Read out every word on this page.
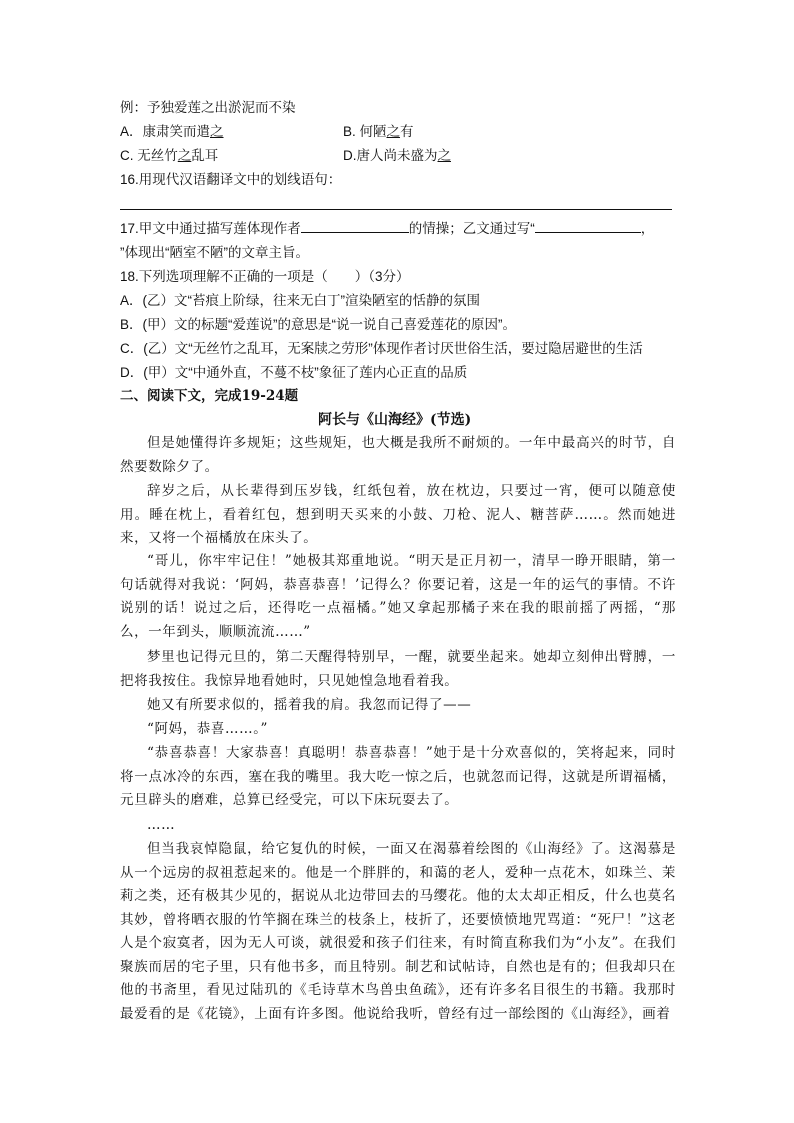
例：予独爱莲之出淤泥而不染
A．康肃笑而遣之	B. 何陋之有
C. 无丝竹之乱耳	D.唐人尚未盛为之
16.用现代汉语翻译文中的划线语句：
17.甲文中通过描写莲体现作者	的情操；乙文通过写“	，
”体现出“陋室不陋”的文章主旨。
18.下列选项理解不正确的一项是（　　）（3分）
A．(乙）文“苔痕上阶绿，往来无白丁”渲染陋室的恬静的氛围
B．(甲）文的标题“爱莲说”的意思是“说一说自己喜爱莲花的原因”。
C．(乙）文“无丝竹之乱耳，无案牍之劳形”体现作者讨厌世俗生活，要过隐居避世的生活
D．(甲）文“中通外直，不蔓不枝”象征了莲内心正直的品质
二、阅读下文，完成19-24题
阿长与《山海经》(节选)
但是她懂得许多规矩；这些规矩，也大概是我所不耐烦的。一年中最高兴的时节，自然要数除夕了。
辞岁之后，从长辈得到压岁钱，红纸包着，放在枕边，只要过一宵，便可以随意使用。睡在枕上，看着红包，想到明天买来的小鼓、刀枪、泥人、糖菩萨……。然而她进来，又将一个福橘放在床头了。
“哥儿，你牢牢记住！”她极其郑重地说。“明天是正月初一，清早一睁开眼睛，第一句话就得对我说：‘阿妈，恭喜恭喜！’记得么？你要记着，这是一年的运气的事情。不许说别的话！说过之后，还得吃一点福橘。”她又拿起那橘子来在我的眼前摇了两摇，“那么，一年到头，顺顺流流……”
梦里也记得元旦的，第二天醒得特别早，一醒，就要坐起来。她却立刻伸出臂膊，一把将我按住。我惊异地看她时，只见她惶急地看着我。
她又有所要求似的，摇着我的肩。我忽而记得了——
“阿妈，恭喜……。”
“恭喜恭喜！大家恭喜！真聪明！恭喜恭喜！”她于是十分欢喜似的，笑将起来，同时将一点冰冷的东西，塞在我的嘴里。我大吃一惊之后，也就忽而记得，这就是所谓福橘，元旦辟头的磨难，总算已经受完，可以下床玩耍去了。
……
但当我哀悼隐鼠，给它复仇的时候，一面又在渴慕着绘图的《山海经》了。这渴慕是从一个远房的叔祖惹起来的。他是一个胖胖的，和蔼的老人，爱种一点花木，如珠兰、茉莉之类，还有极其少见的，据说从北边带回去的马缨花。他的太太却正相反，什么也莫名其妙，曾将晒衣服的竹竿搁在珠兰的枝条上，枝折了，还要愤愤地咒骂道：“死尸！”这老人是个寂寞者，因为无人可谈，就很爱和孩子们往来，有时简直称我们为“小友”。在我们聚族而居的宅子里，只有他书多，而且特别。制艺和试帖诗，自然也是有的；但我却只在他的书斋里，看见过陆玑的《毛诗草木鸟兽虫鱼疏》，还有许多名目很生的书籍。我那时最爱看的是《花镜》，上面有许多图。他说给我听，曾经有过一部绘图的《山海经》，画着
